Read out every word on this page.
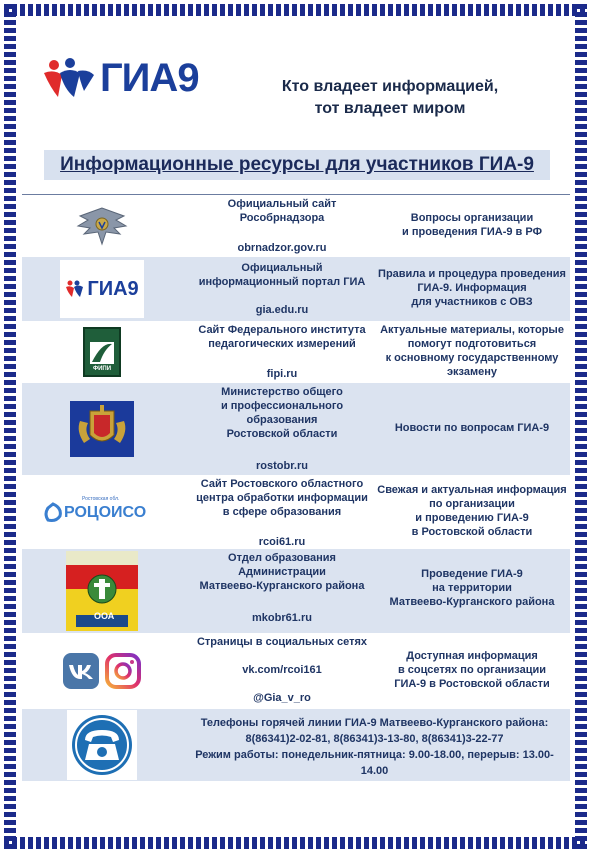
ГИА9	Кто владеет информацией,
тот владеет миром
Информационные ресурсы для участников ГИА-9
Официальный сайт
Рособрнадзора
obrnadzor.gov.ru
Вопросы организации
и проведения ГИА-9 в РФ
ГИА9
Официальный
информационный портал ГИА
gia.edu.ru
Правила и процедура проведения
ГИА-9. Информация
для участников с ОВЗ
ФИПИ
Сайт Федерального института
педагогических измерений
fipi.ru
Актуальные материалы, которые
помогут подготовиться
к основному государственному
экзамену
Министерство общего
и профессионального
образования
Ростовской области
rostobr.ru
Новости по вопросам ГИА-9
Ростовская обл.
РОЦОИСО
Сайт Ростовского областного
центра обработки информации
в сфере образования
rcoi61.ru
Свежая и актуальная информация
по организации
и проведению ГИА-9
в Ростовской области
ООА
Отдел образования
Администрации
Матвеево-Курганского района
mkobr61.ru
Проведение ГИА-9
на территории
Матвеево-Курганского района
Страницы в социальных сетях
vk.com/rcoi161
@Gia_v_ro
Доступная информация
в соцсетях по организации
ГИА-9 в Ростовской области
Телефоны горячей линии ГИА-9 Матвеево-Курганского района:
8(86341)2-02-81, 8(86341)3-13-80, 8(86341)3-22-77
Режим работы: понедельник-пятница: 9.00-18.00, перерыв: 13.00-
14.00
